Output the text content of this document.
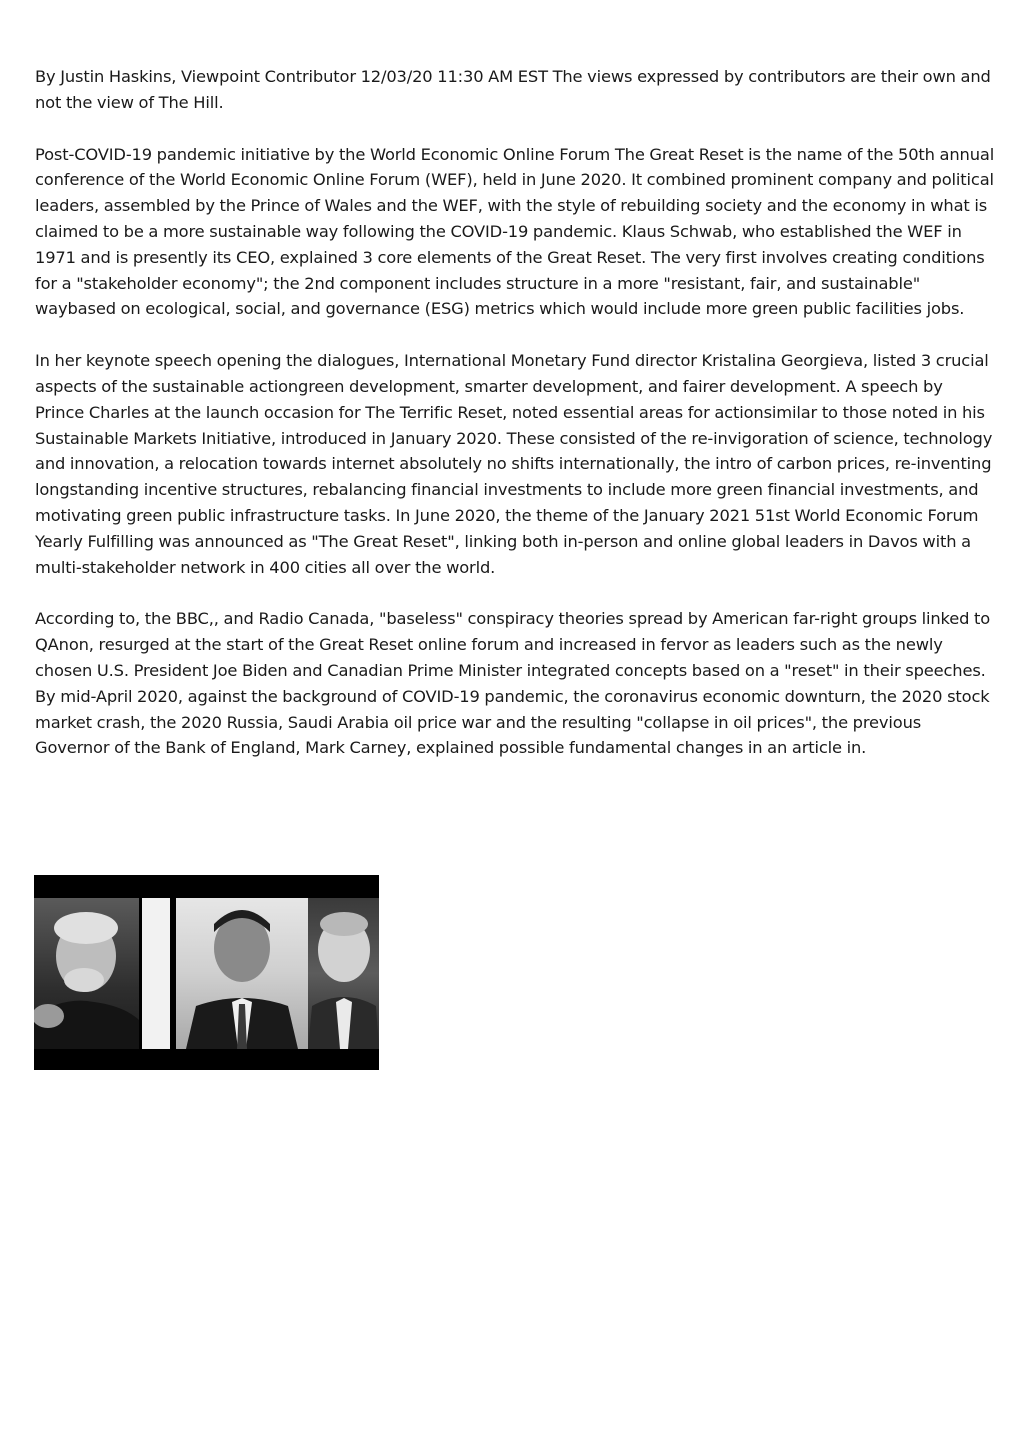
By Justin Haskins, Viewpoint Contributor 12/03/20 11:30 AM EST The views expressed by contributors are their own and not the view of The Hill.

Post-COVID-19 pandemic initiative by the World Economic Online Forum The Great Reset is the name of the 50th annual conference of the World Economic Online Forum (WEF), held in June 2020. It combined prominent company and political leaders, assembled by the Prince of Wales and the WEF, with the style of rebuilding society and the economy in what is claimed to be a more sustainable way following the COVID-19 pandemic. Klaus Schwab, who established the WEF in 1971 and is presently its CEO, explained 3 core elements of the Great Reset. The very first involves creating conditions for a "stakeholder economy"; the 2nd component includes structure in a more "resistant, fair, and sustainable" waybased on ecological, social, and governance (ESG) metrics which would include more green public facilities jobs.

In her keynote speech opening the dialogues, International Monetary Fund director Kristalina Georgieva, listed 3 crucial aspects of the sustainable actiongreen development, smarter development, and fairer development. A speech by Prince Charles at the launch occasion for The Terrific Reset, noted essential areas for actionsimilar to those noted in his Sustainable Markets Initiative, introduced in January 2020. These consisted of the re-invigoration of science, technology and innovation, a relocation towards internet absolutely no shifts internationally, the intro of carbon prices, re-inventing longstanding incentive structures, rebalancing financial investments to include more green financial investments, and motivating green public infrastructure tasks. In June 2020, the theme of the January 2021 51st World Economic Forum Yearly Fulfilling was announced as "The Great Reset", linking both in-person and online global leaders in Davos with a multi-stakeholder network in 400 cities all over the world.

According to, the BBC,, and Radio Canada, "baseless" conspiracy theories spread by American far-right groups linked to QAnon, resurged at the start of the Great Reset online forum and increased in fervor as leaders such as the newly chosen U.S. President Joe Biden and Canadian Prime Minister integrated concepts based on a "reset" in their speeches. By mid-April 2020, against the background of COVID-19 pandemic, the coronavirus economic downturn, the 2020 stock market crash, the 2020 Russia, Saudi Arabia oil price war and the resulting "collapse in oil prices", the previous Governor of the Bank of England, Mark Carney, explained possible fundamental changes in an article in.
